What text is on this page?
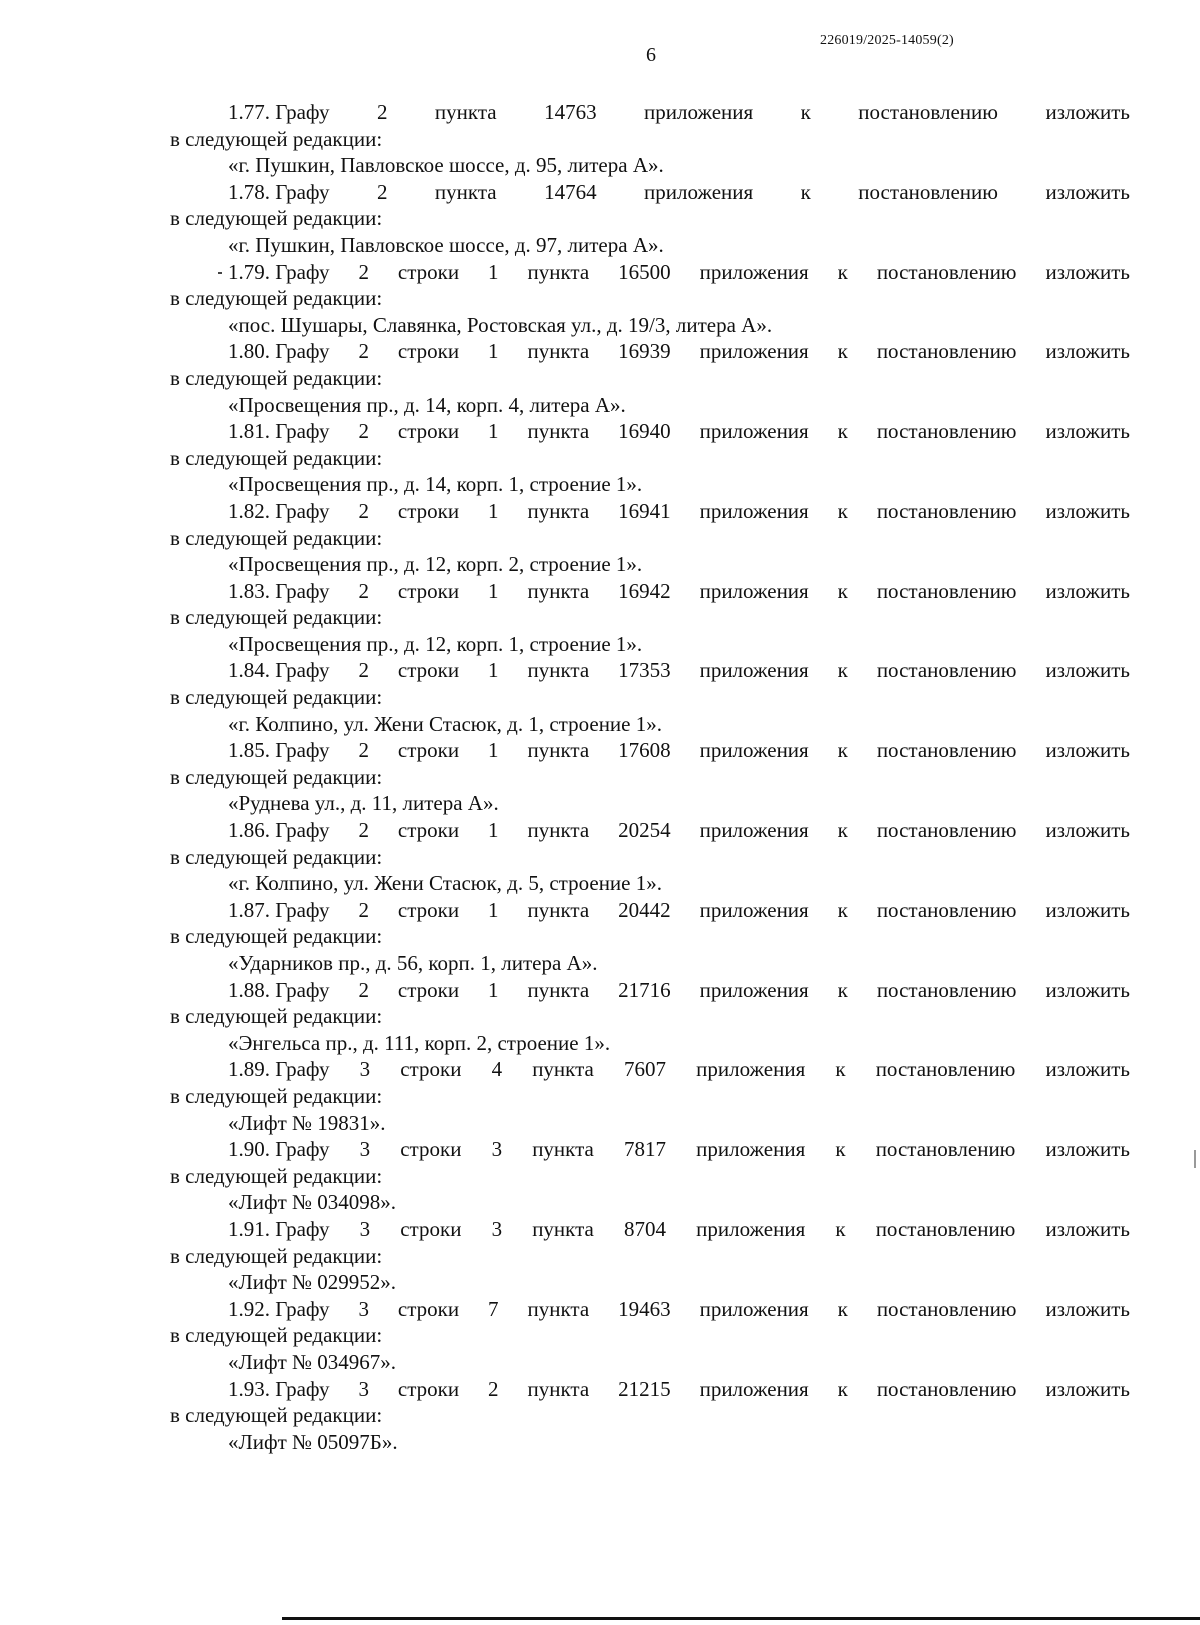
226019/2025-14059(2)
6
1.77. Графу 2 пункта 14763 приложения к постановлению изложить
в следующей редакции:
«г. Пушкин, Павловское шоссе, д. 95, литера А».
1.78. Графу 2 пункта 14764 приложения к постановлению изложить
в следующей редакции:
«г. Пушкин, Павловское шоссе, д. 97, литера А».
1.79. Графу 2 строки 1 пункта 16500 приложения к постановлению изложить
в следующей редакции:
«пос. Шушары, Славянка, Ростовская ул., д. 19/3, литера А».
1.80. Графу 2 строки 1 пункта 16939 приложения к постановлению изложить
в следующей редакции:
«Просвещения пр., д. 14, корп. 4, литера А».
1.81. Графу 2 строки 1 пункта 16940 приложения к постановлению изложить
в следующей редакции:
«Просвещения пр., д. 14, корп. 1, строение 1».
1.82. Графу 2 строки 1 пункта 16941 приложения к постановлению изложить
в следующей редакции:
«Просвещения пр., д. 12, корп. 2, строение 1».
1.83. Графу 2 строки 1 пункта 16942 приложения к постановлению изложить
в следующей редакции:
«Просвещения пр., д. 12, корп. 1, строение 1».
1.84. Графу 2 строки 1 пункта 17353 приложения к постановлению изложить
в следующей редакции:
«г. Колпино, ул. Жени Стасюк, д. 1, строение 1».
1.85. Графу 2 строки 1 пункта 17608 приложения к постановлению изложить
в следующей редакции:
«Руднева ул., д. 11, литера А».
1.86. Графу 2 строки 1 пункта 20254 приложения к постановлению изложить
в следующей редакции:
«г. Колпино, ул. Жени Стасюк, д. 5, строение 1».
1.87. Графу 2 строки 1 пункта 20442 приложения к постановлению изложить
в следующей редакции:
«Ударников пр., д. 56, корп. 1, литера А».
1.88. Графу 2 строки 1 пункта 21716 приложения к постановлению изложить
в следующей редакции:
«Энгельса пр., д. 111, корп. 2, строение 1».
1.89. Графу 3 строки 4 пункта 7607 приложения к постановлению изложить
в следующей редакции:
«Лифт № 19831».
1.90. Графу 3 строки 3 пункта 7817 приложения к постановлению изложить
в следующей редакции:
«Лифт № 034098».
1.91. Графу 3 строки 3 пункта 8704 приложения к постановлению изложить
в следующей редакции:
«Лифт № 029952».
1.92. Графу 3 строки 7 пункта 19463 приложения к постановлению изложить
в следующей редакции:
«Лифт № 034967».
1.93. Графу 3 строки 2 пункта 21215 приложения к постановлению изложить
в следующей редакции:
«Лифт № 05097Б».
